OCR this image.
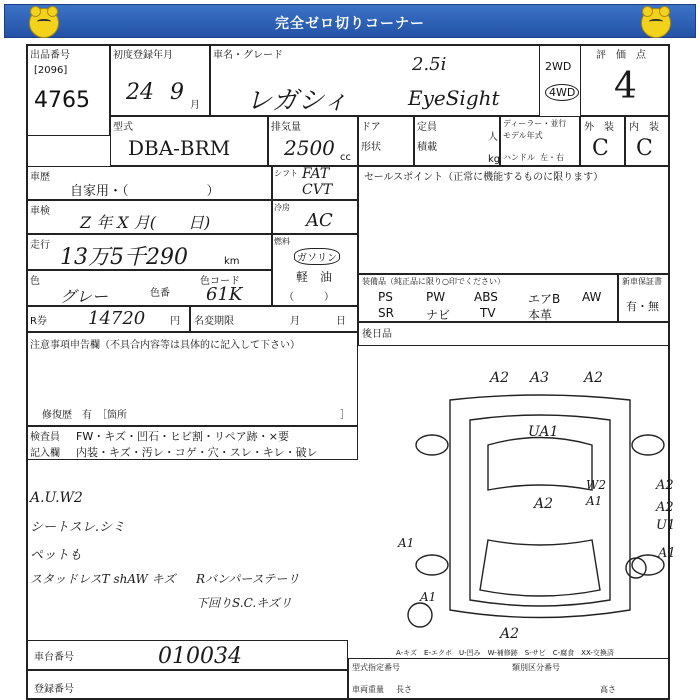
完全ゼロ切りコーナー
出品番号
[2096]
4765
初度登録年月
24 9
月
車名・グレード	2.5i
レガシィ	EyeSight
2WD
4WD
評　価　点
4
型式
DBA-BRM
排気量
2500 cc
ドア
形状
定員
人
積載
kg
ディーラー・並行
モデル年式
ハンドル 左・右
外　装 内　装
C C
車歴
自家用・（　　　　　　）
シフト FAT
CVT
車検
Z 年 X 月(　　日)
冷房
AC
走行 13万5千290	km
燃料
ガソリン
軽　油
（　　　）
色
グレー	色番
色コード
61K
R券 14720 円 名変期限	月	日
セールスポイント（正常に機能するものに限ります）
装備品（純正品に限り○印でください）
PS	PW ABS	エアB AW
SR	ナビ TV	本革
新車保証書
有・無
後日品
注意事項申告欄（不具合内容等は具体的に記入して下さい）
修復歴　有　［箇所	］
検査員 FW・キズ・凹石・ヒビ割・リペア跡・×要
記入欄 内装・キズ・汚レ・コゲ・穴・スレ・キレ・破レ
A.U.W2
シートスレ.シミ
ペットも
スタッドレスT shAW キズ Rバンパーステーリ
下回りS.C.キズリ
A2 A3 A2
UA1
A2
W2
A1
A2
A2
U1
A1
A1
A1
A2
A-キズ　E-エクボ　U-凹み　W-補修跡　S-サビ　C-腐食　XX-交換済
車台番号	010034
登録番号
型式指定番号	類別区分番号
長さ
車両重量	高さ
